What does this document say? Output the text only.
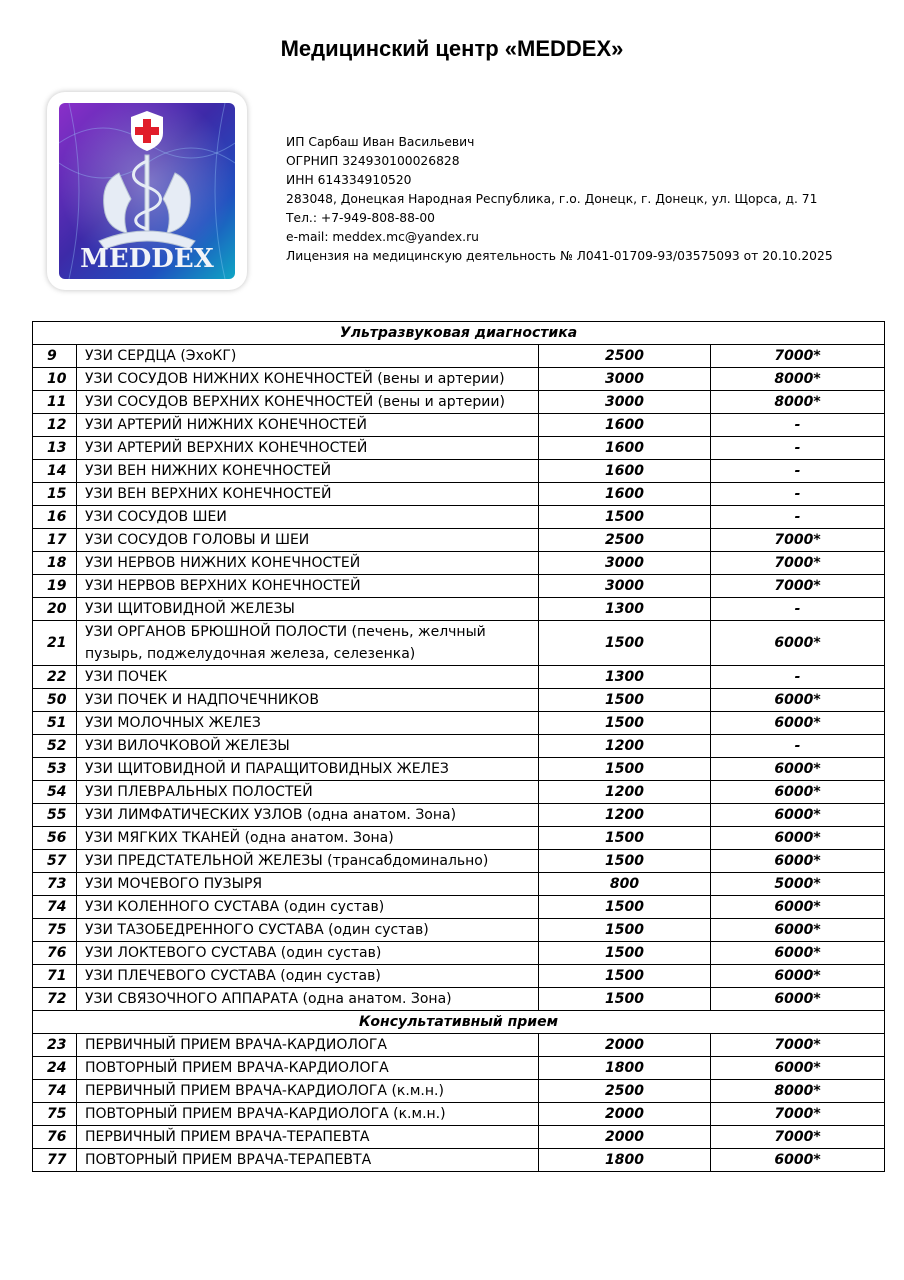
Медицинский центр «MEDDEX»
MEDDEX
ИП Сарбаш Иван Васильевич
ОГРНИП 324930100026828
ИНН 614334910520
283048, Донецкая Народная Республика, г.о. Донецк, г. Донецк, ул. Щорса, д. 71
Тел.: +7-949-808-88-00
e-mail: meddex.mc@yandex.ru
Лицензия на медицинскую деятельность № Л041-01709-93/03575093 от 20.10.2025
Ультразвуковая диагностика			
9	УЗИ СЕРДЦА (ЭхоКГ)	2500	7000*
10	УЗИ СОСУДОВ НИЖНИХ КОНЕЧНОСТЕЙ (вены и артерии)	3000	8000*
11	УЗИ СОСУДОВ ВЕРХНИХ КОНЕЧНОСТЕЙ (вены и артерии)	3000	8000*
12	УЗИ АРТЕРИЙ НИЖНИХ КОНЕЧНОСТЕЙ	1600	-
13	УЗИ АРТЕРИЙ ВЕРХНИХ КОНЕЧНОСТЕЙ	1600	-
14	УЗИ ВЕН НИЖНИХ КОНЕЧНОСТЕЙ	1600	-
15	УЗИ ВЕН ВЕРХНИХ КОНЕЧНОСТЕЙ	1600	-
16	УЗИ СОСУДОВ ШЕИ	1500	-
17	УЗИ СОСУДОВ ГОЛОВЫ И ШЕИ	2500	7000*
18	УЗИ НЕРВОВ НИЖНИХ КОНЕЧНОСТЕЙ	3000	7000*
19	УЗИ НЕРВОВ ВЕРХНИХ КОНЕЧНОСТЕЙ	3000	7000*
20	УЗИ ЩИТОВИДНОЙ ЖЕЛЕЗЫ	1300	-
21	УЗИ ОРГАНОВ БРЮШНОЙ ПОЛОСТИ (печень, желчный пузырь, поджелудочная железа, селезенка)	1500	6000*
22	УЗИ ПОЧЕК	1300	-
50	УЗИ ПОЧЕК И НАДПОЧЕЧНИКОВ	1500	6000*
51	УЗИ МОЛОЧНЫХ ЖЕЛЕЗ	1500	6000*
52	УЗИ ВИЛОЧКОВОЙ ЖЕЛЕЗЫ	1200	-
53	УЗИ ЩИТОВИДНОЙ И ПАРАЩИТОВИДНЫХ ЖЕЛЕЗ	1500	6000*
54	УЗИ ПЛЕВРАЛЬНЫХ ПОЛОСТЕЙ	1200	6000*
55	УЗИ ЛИМФАТИЧЕСКИХ УЗЛОВ (одна анатом. Зона)	1200	6000*
56	УЗИ МЯГКИХ ТКАНЕЙ (одна анатом. Зона)	1500	6000*
57	УЗИ ПРЕДСТАТЕЛЬНОЙ ЖЕЛЕЗЫ (трансабдоминально)	1500	6000*
73	УЗИ МОЧЕВОГО ПУЗЫРЯ	800	5000*
74	УЗИ КОЛЕННОГО СУСТАВА (один сустав)	1500	6000*
75	УЗИ ТАЗОБЕДРЕННОГО СУСТАВА (один сустав)	1500	6000*
76	УЗИ ЛОКТЕВОГО СУСТАВА (один сустав)	1500	6000*
71	УЗИ ПЛЕЧЕВОГО СУСТАВА (один сустав)	1500	6000*
72	УЗИ СВЯЗОЧНОГО АППАРАТА (одна анатом. Зона)	1500	6000*
Консультативный прием			
23	ПЕРВИЧНЫЙ ПРИЕМ ВРАЧА-КАРДИОЛОГА	2000	7000*
24	ПОВТОРНЫЙ ПРИЕМ ВРАЧА-КАРДИОЛОГА	1800	6000*
74	ПЕРВИЧНЫЙ ПРИЕМ ВРАЧА-КАРДИОЛОГА (к.м.н.)	2500	8000*
75	ПОВТОРНЫЙ ПРИЕМ ВРАЧА-КАРДИОЛОГА (к.м.н.)	2000	7000*
76	ПЕРВИЧНЫЙ ПРИЕМ ВРАЧА-ТЕРАПЕВТА	2000	7000*
77	ПОВТОРНЫЙ ПРИЕМ ВРАЧА-ТЕРАПЕВТА	1800	6000*
